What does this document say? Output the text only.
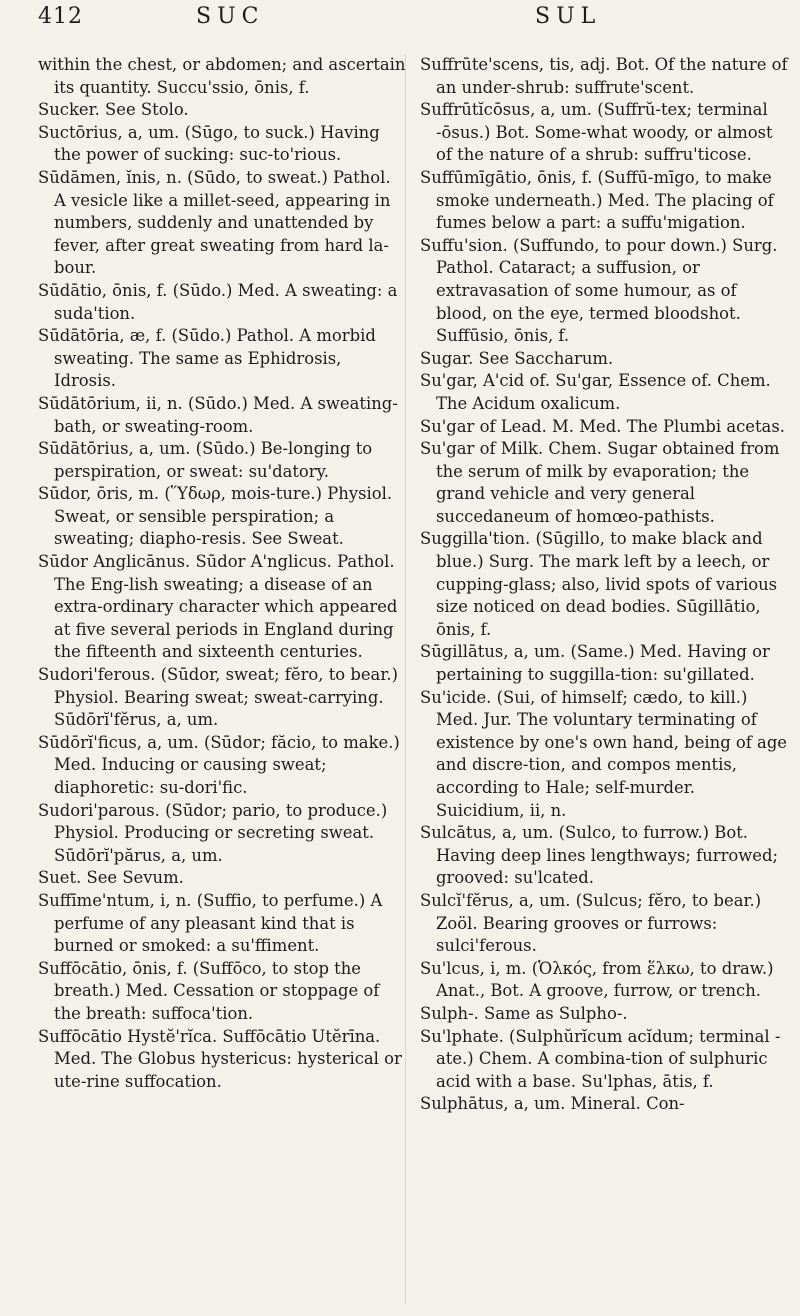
412	SUC	SUL

within the chest, or abdomen; and ascertain its quantity. Succu'ssio, ōnis, f.

Sucker. See Stolo.

Suctōrius, a, um. (Sūgo, to suck.) Having the power of sucking: suc-to'rious.

Sūdāmen, ĭnis, n. (Sūdo, to sweat.) Pathol. A vesicle like a millet-seed, appearing in numbers, suddenly and unattended by fever, after great sweating from hard la-bour.

Sūdātio, ōnis, f. (Sūdo.) Med. A sweating: a suda'tion.

Sūdātōria, æ, f. (Sūdo.) Pathol. A morbid sweating. The same as Ephidrosis, Idrosis.

Sūdātōrium, ii, n. (Sūdo.) Med. A sweating-bath, or sweating-room.

Sūdātōrius, a, um. (Sūdo.) Be-longing to perspiration, or sweat: su'datory.

Sūdor, ōris, m. (Ὕδωρ, mois-ture.) Physiol. Sweat, or sensible perspiration; a sweating; diapho-resis. See Sweat.

Sūdor Anglicānus. Sūdor A'nglicus. Pathol. The Eng-lish sweating; a disease of an extra-ordinary character which appeared at five several periods in England during the fifteenth and sixteenth centuries.

Sudori'ferous. (Sūdor, sweat; fĕro, to bear.) Physiol. Bearing sweat; sweat-carrying. Sūdōrĭ'fĕrus, a, um.

Sūdōrĭ'ficus, a, um. (Sūdor; făcio, to make.) Med. Inducing or causing sweat; diaphoretic: su-dori'fic.

Sudori'parous. (Sūdor; pario, to produce.) Physiol. Producing or secreting sweat. Sūdōrĭ'părus, a, um.

Suet. See Sevum.

Suffīme'ntum, i, n. (Suffio, to perfume.) A perfume of any pleasant kind that is burned or smoked: a su'ffiment.

Suffōcātio, ōnis, f. (Suffōco, to stop the breath.) Med. Cessation or stoppage of the breath: suffoca'tion.

Suffōcātio Hystĕ'rĭca. Suffōcātio Utĕrīna. Med. The Globus hystericus: hysterical or ute-rine suffocation.

Suffrūte'scens, tis, adj. Bot. Of the nature of an under-shrub: suffrute'scent.

Suffrūtĭcōsus, a, um. (Suffrŭ-tex; terminal -ōsus.) Bot. Some-what woody, or almost of the nature of a shrub: suffru'ticose.

Suffūmīgātio, ōnis, f. (Suffū-mīgo, to make smoke underneath.) Med. The placing of fumes below a part: a suffu'migation.

Suffu'sion. (Suffundo, to pour down.) Surg. Pathol. Cataract; a suffusion, or extravasation of some humour, as of blood, on the eye, termed bloodshot. Suffūsio, ōnis, f.

Sugar. See Saccharum.

Su'gar, A'cid of. Su'gar, Essence of. Chem. The Acidum oxalicum.

Su'gar of Lead. M. Med. The Plumbi acetas.

Su'gar of Milk. Chem. Sugar obtained from the serum of milk by evaporation; the grand vehicle and very general succedaneum of homœo-pathists.

Suggilla'tion. (Sūgillo, to make black and blue.) Surg. The mark left by a leech, or cupping-glass; also, livid spots of various size noticed on dead bodies. Sūgillātio, ōnis, f.

Sūgillātus, a, um. (Same.) Med. Having or pertaining to suggilla-tion: su'gillated.

Su'icide. (Sui, of himself; cædo, to kill.) Med. Jur. The voluntary terminating of existence by one's own hand, being of age and discre-tion, and compos mentis, according to Hale; self-murder. Suicidium, ii, n.

Sulcātus, a, um. (Sulco, to furrow.) Bot. Having deep lines lengthways; furrowed; grooved: su'lcated.

Sulcĭ'fĕrus, a, um. (Sulcus; fĕro, to bear.) Zoöl. Bearing grooves or furrows: sulci'ferous.

Su'lcus, i, m. (Ὁλκός, from ἕλκω, to draw.) Anat., Bot. A groove, furrow, or trench.

Sulph-. Same as Sulpho-.

Su'lphate. (Sulphŭrĭcum acĭdum; terminal -ate.) Chem. A combina-tion of sulphuric acid with a base. Su'lphas, ātis, f.

Sulphātus, a, um. Mineral. Con-
